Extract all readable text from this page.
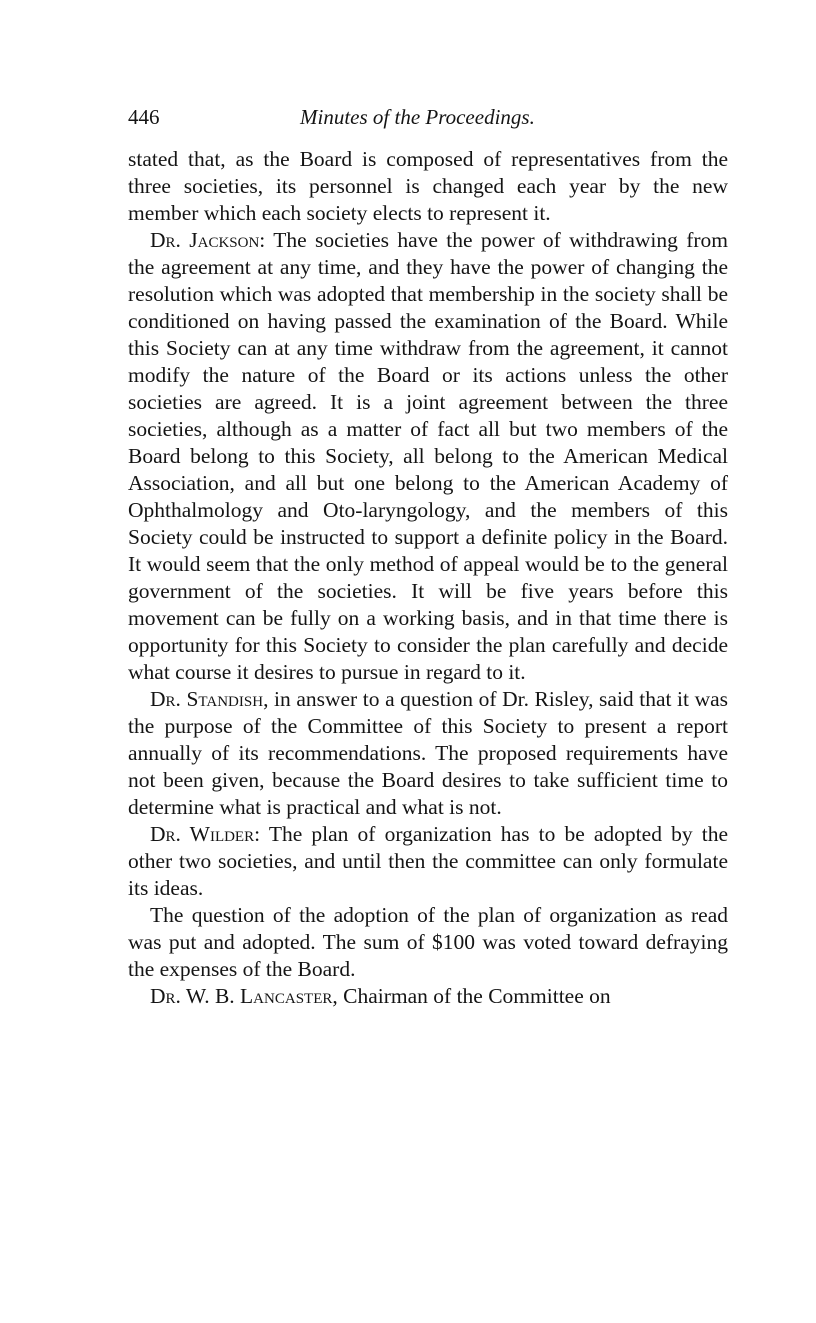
446	Minutes of the Proceedings.

stated that, as the Board is composed of representatives from the three societies, its personnel is changed each year by the new member which each society elects to represent it.

Dr. Jackson: The societies have the power of withdrawing from the agreement at any time, and they have the power of changing the resolution which was adopted that membership in the society shall be conditioned on having passed the examination of the Board. While this Society can at any time withdraw from the agreement, it cannot modify the nature of the Board or its actions unless the other societies are agreed. It is a joint agreement between the three societies, although as a matter of fact all but two members of the Board belong to this Society, all belong to the American Medical Association, and all but one belong to the American Academy of Ophthalmology and Oto-laryngology, and the members of this Society could be instructed to support a definite policy in the Board. It would seem that the only method of appeal would be to the general government of the societies. It will be five years before this movement can be fully on a working basis, and in that time there is opportunity for this Society to consider the plan carefully and decide what course it desires to pursue in regard to it.

Dr. Standish, in answer to a question of Dr. Risley, said that it was the purpose of the Committee of this Society to present a report annually of its recommendations. The proposed requirements have not been given, because the Board desires to take sufficient time to determine what is practical and what is not.

Dr. Wilder: The plan of organization has to be adopted by the other two societies, and until then the committee can only formulate its ideas.

The question of the adoption of the plan of organization as read was put and adopted. The sum of $100 was voted toward defraying the expenses of the Board.

Dr. W. B. Lancaster, Chairman of the Committee on
